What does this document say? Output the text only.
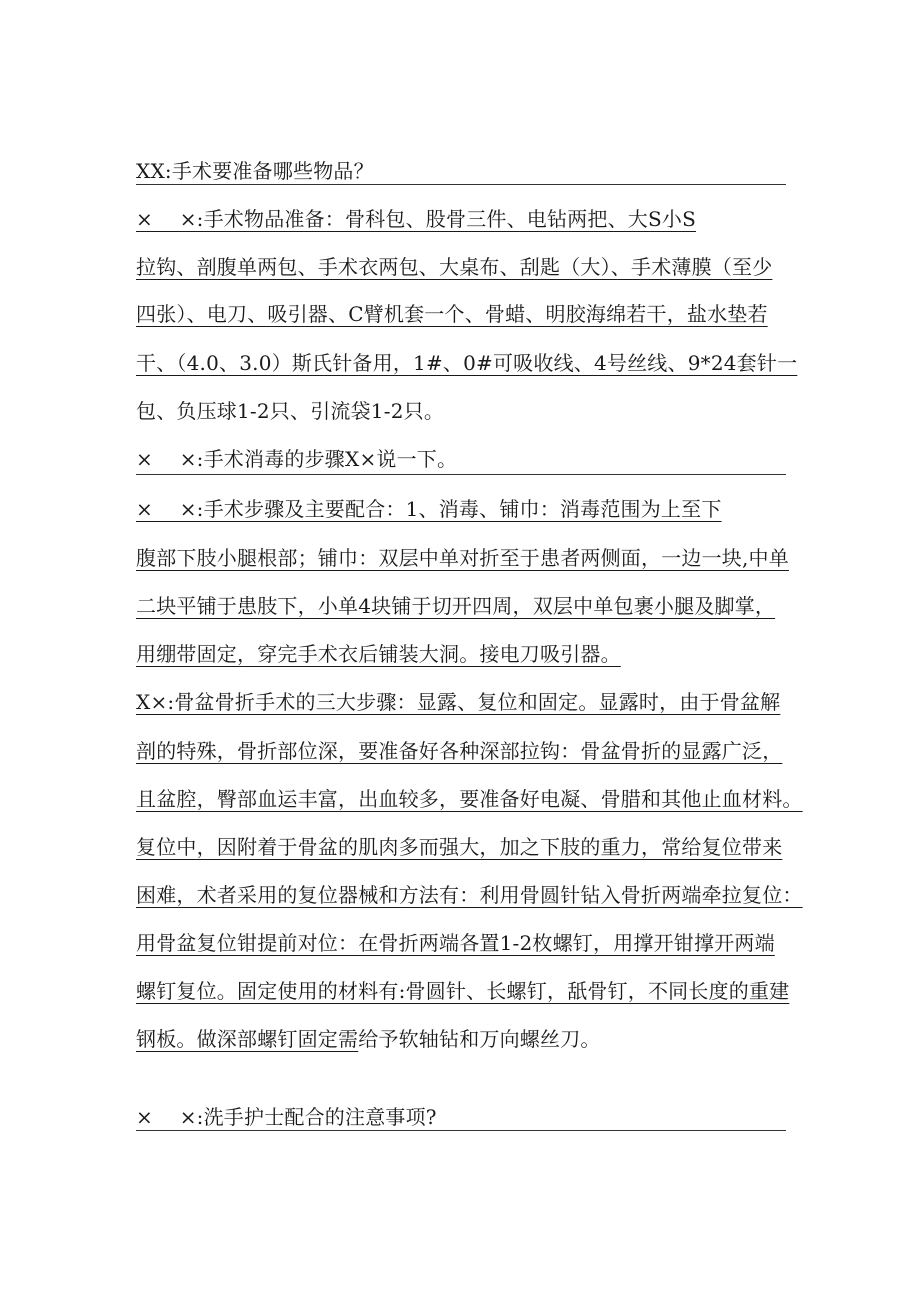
XX:手术要准备哪些物品？
×　 ×:手术物品准备：骨科包、股骨三件、电钻两把、大S小S
拉钩、剖腹单两包、手术衣两包、大桌布、刮匙（大）、手术薄膜（至少
四张）、电刀、吸引器、C臂机套一个、骨蜡、明胶海绵若干，盐水垫若
干、（4.0、3.0）斯氏针备用，1#、0#可吸收线、4号丝线、9*24套针一
包、负压球1-2只、引流袋1-2只。
×　 ×:手术消毒的步骤X×说一下。
×　 ×:手术步骤及主要配合：1、消毒、铺巾：消毒范围为上至下
腹部下肢小腿根部；铺巾：双层中单对折至于患者两侧面，一边一块,中单
二块平铺于患肢下，小单4块铺于切开四周，双层中单包裹小腿及脚掌，
用绷带固定，穿完手术衣后铺装大洞。接电刀吸引器。
X×:骨盆骨折手术的三大步骤：显露、复位和固定。显露时，由于骨盆解
剖的特殊，骨折部位深，要准备好各种深部拉钩：骨盆骨折的显露广泛，
且盆腔，臀部血运丰富，出血较多，要准备好电凝、骨腊和其他止血材料。
复位中，因附着于骨盆的肌肉多而强大，加之下肢的重力，常给复位带来
困难，术者采用的复位器械和方法有：利用骨圆针钻入骨折两端牵拉复位：
用骨盆复位钳提前对位：在骨折两端各置1-2枚螺钉，用撑开钳撑开两端
螺钉复位。固定使用的材料有:骨圆针、长螺钉，舐骨钉，不同长度的重建
钢板。做深部螺钉固定需给予软轴钻和万向螺丝刀。
×　 ×:洗手护士配合的注意事项?
